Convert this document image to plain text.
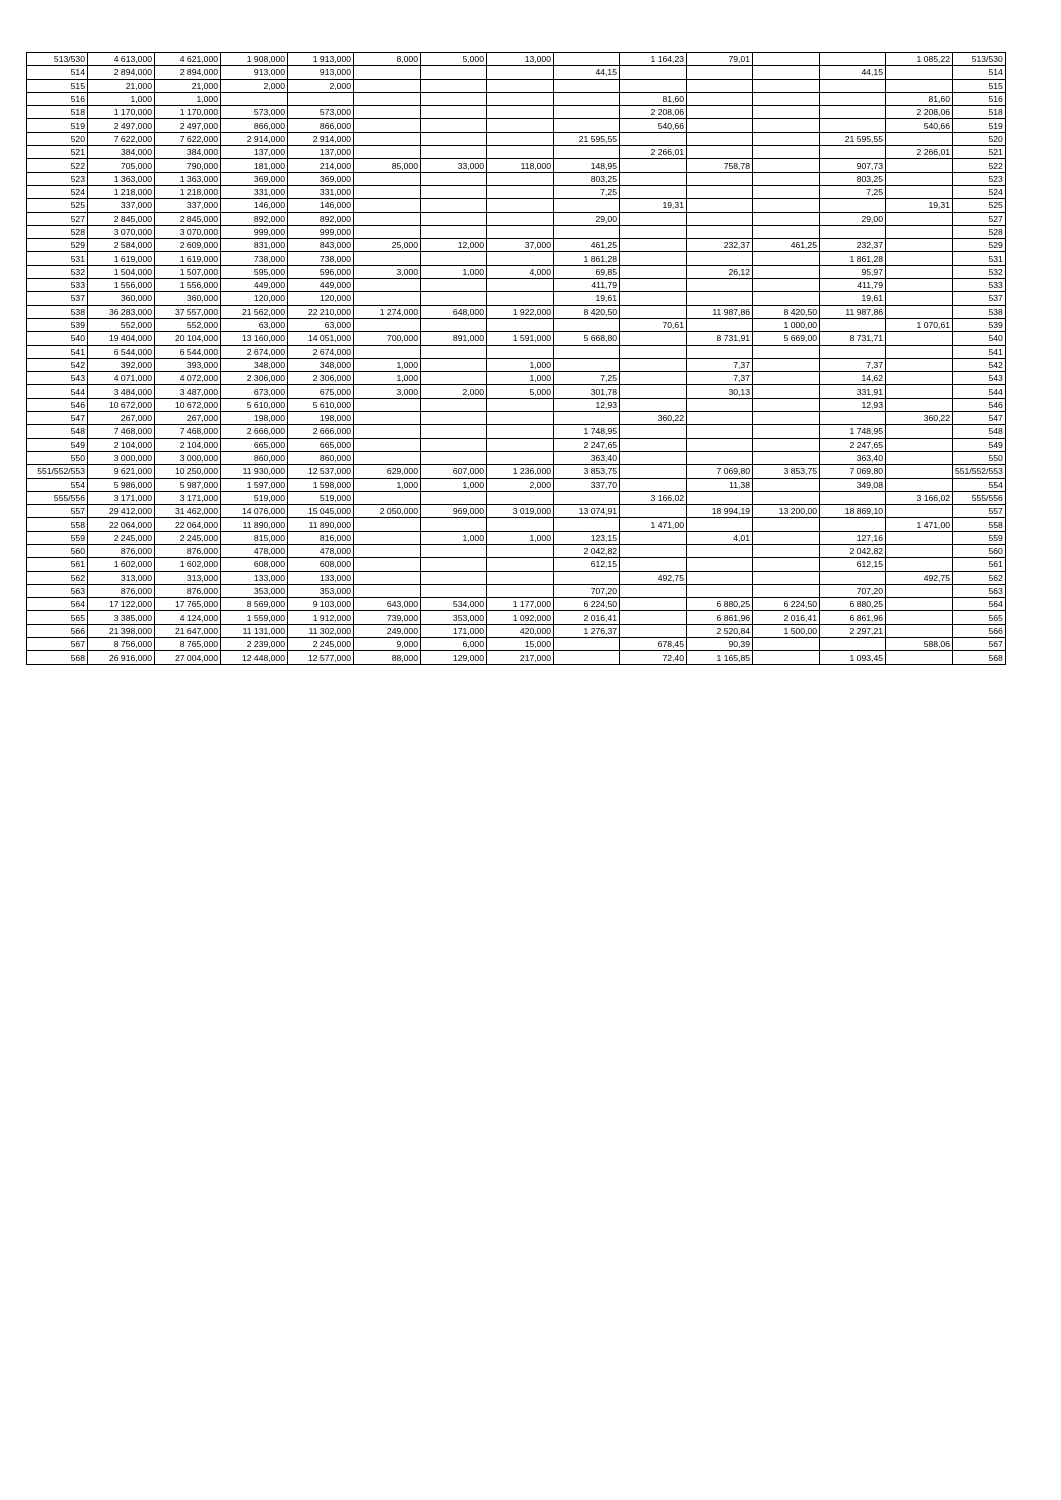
513/530	4 613,000	4 621,000	1 908,000	1 913,000	8,000	5,000	13,000		1 164,23	79,01			1 085,22	513/530
514	2 894,000	2 894,000	913,000	913,000				44,15				44,15		514
515	21,000	21,000	2,000	2,000										515
516	1,000	1,000							81,60				81,60	516
518	1 170,000	1 170,000	573,000	573,000					2 208,06				2 208,06	518
519	2 497,000	2 497,000	866,000	866,000					540,66				540,66	519
520	7 622,000	7 622,000	2 914,000	2 914,000				21 595,55				21 595,55		520
521	384,000	384,000	137,000	137,000					2 266,01				2 266,01	521
522	705,000	790,000	181,000	214,000	85,000	33,000	118,000	148,95		758,78		907,73		522
523	1 363,000	1 363,000	369,000	369,000				803,25				803,25		523
524	1 218,000	1 218,000	331,000	331,000				7,25				7,25		524
525	337,000	337,000	146,000	146,000					19,31				19,31	525
527	2 845,000	2 845,000	892,000	892,000				29,00				29,00		527
528	3 070,000	3 070,000	999,000	999,000										528
529	2 584,000	2 609,000	831,000	843,000	25,000	12,000	37,000	461,25		232,37	461,25	232,37		529
531	1 619,000	1 619,000	738,000	738,000				1 861,28				1 861,28		531
532	1 504,000	1 507,000	595,000	596,000	3,000	1,000	4,000	69,85		26,12		95,97		532
533	1 556,000	1 556,000	449,000	449,000				411,79				411,79		533
537	360,000	360,000	120,000	120,000				19,61				19,61		537
538	36 283,000	37 557,000	21 562,000	22 210,000	1 274,000	648,000	1 922,000	8 420,50		11 987,86	8 420,50	11 987,86		538
539	552,000	552,000	63,000	63,000					70,61		1 000,00		1 070,61	539
540	19 404,000	20 104,000	13 160,000	14 051,000	700,000	891,000	1 591,000	5 668,80		8 731,91	5 669,00	8 731,71		540
541	6 544,000	6 544,000	2 674,000	2 674,000										541
542	392,000	393,000	348,000	348,000	1,000		1,000			7,37		7,37		542
543	4 071,000	4 072,000	2 306,000	2 306,000	1,000		1,000	7,25		7,37		14,62		543
544	3 484,000	3 487,000	673,000	675,000	3,000	2,000	5,000	301,78		30,13		331,91		544
546	10 672,000	10 672,000	5 610,000	5 610,000				12,93				12,93		546
547	267,000	267,000	198,000	198,000					360,22				360,22	547
548	7 468,000	7 468,000	2 666,000	2 666,000				1 748,95				1 748,95		548
549	2 104,000	2 104,000	665,000	665,000				2 247,65				2 247,65		549
550	3 000,000	3 000,000	860,000	860,000				363,40				363,40		550
551/552/553	9 621,000	10 250,000	11 930,000	12 537,000	629,000	607,000	1 236,000	3 853,75		7 069,80	3 853,75	7 069,80		551/552/553
554	5 986,000	5 987,000	1 597,000	1 598,000	1,000	1,000	2,000	337,70		11,38		349,08		554
555/556	3 171,000	3 171,000	519,000	519,000					3 166,02				3 166,02	555/556
557	29 412,000	31 462,000	14 076,000	15 045,000	2 050,000	969,000	3 019,000	13 074,91		18 994,19	13 200,00	18 869,10		557
558	22 064,000	22 064,000	11 890,000	11 890,000					1 471,00				1 471,00	558
559	2 245,000	2 245,000	815,000	816,000		1,000	1,000	123,15		4,01		127,16		559
560	876,000	876,000	478,000	478,000				2 042,82				2 042,82		560
561	1 602,000	1 602,000	608,000	608,000				612,15				612,15		561
562	313,000	313,000	133,000	133,000					492,75				492,75	562
563	876,000	876,000	353,000	353,000				707,20				707,20		563
564	17 122,000	17 765,000	8 569,000	9 103,000	643,000	534,000	1 177,000	6 224,50		6 880,25	6 224,50	6 880,25		564
565	3 385,000	4 124,000	1 559,000	1 912,000	739,000	353,000	1 092,000	2 016,41		6 861,96	2 016,41	6 861,96		565
566	21 398,000	21 647,000	11 131,000	11 302,000	249,000	171,000	420,000	1 276,37		2 520,84	1 500,00	2 297,21		566
567	8 756,000	8 765,000	2 239,000	2 245,000	9,000	6,000	15,000		678,45	90,39			588,06	567
568	26 916,000	27 004,000	12 448,000	12 577,000	88,000	129,000	217,000		72,40	1 165,85		1 093,45		568
